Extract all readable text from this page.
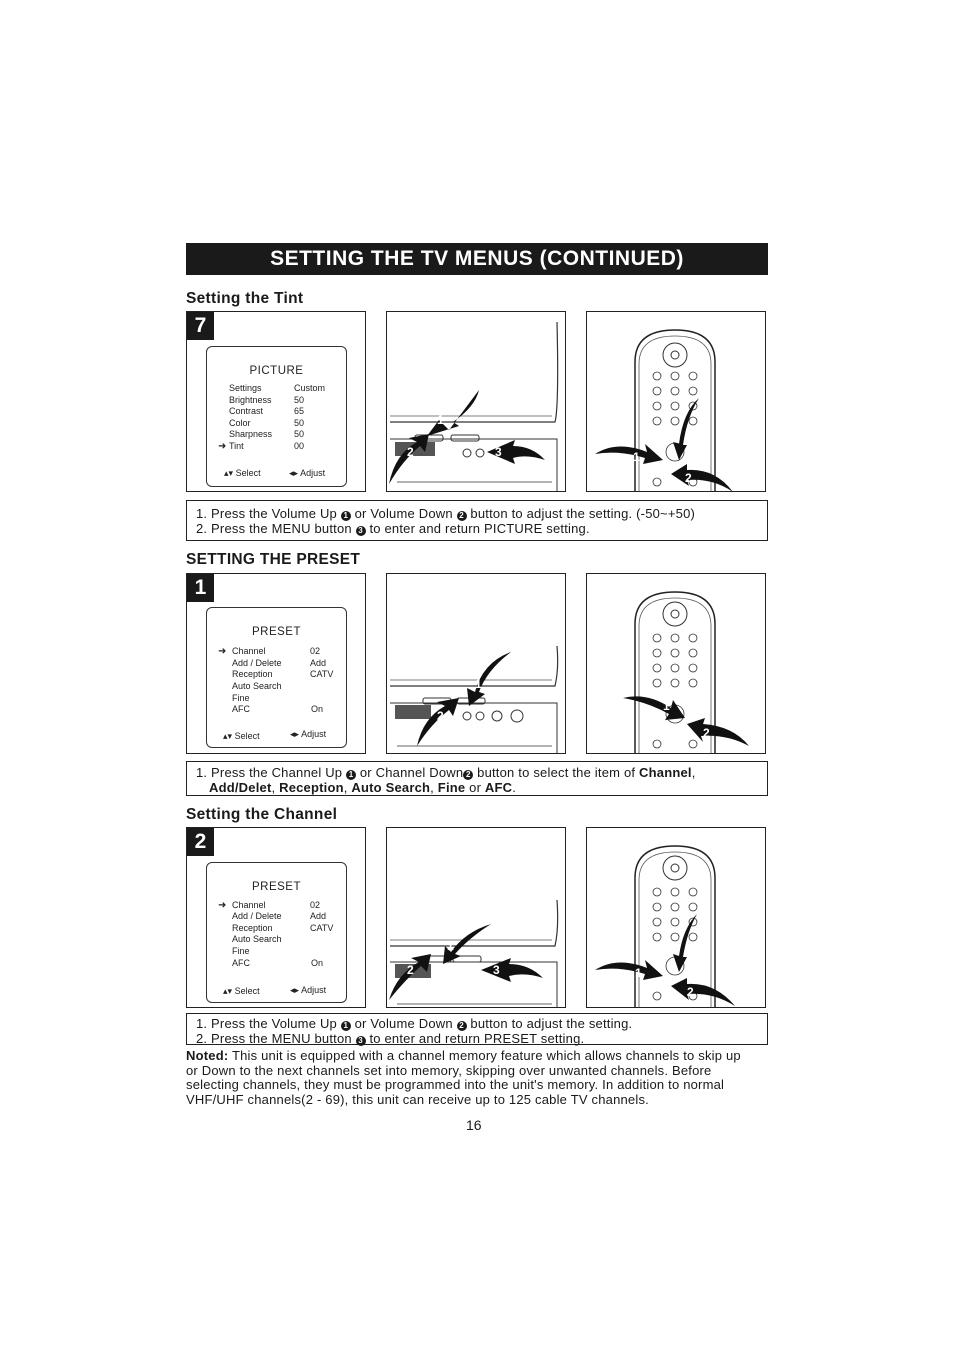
SETTING THE TV MENUS (CONTINUED)
Setting the Tint
7
PICTURE
Settings	Custom
Brightness 50
Contrast	65
Color	50
Sharpness 50
➜ Tint	00
▴▾ Select	◂▸ Adjust
1
2	3	1
2
3
1. Press the Volume Up 1 or Volume Down 2 button to adjust the setting. (-50~+50)
2. Press the MENU button 3 to enter and return PICTURE setting.
SETTING THE PRESET
1
PRESET
➜ Channel	02
Add / Delete	Add
Reception	CATV
Auto Search
Fine
AFC	On
▴▾ Select	◂▸ Adjust
1
2
1
2
1. Press the Channel Up 1 or Channel Down 2 button to select the item of Channel,
Add/Delet, Reception, Auto Search, Fine or AFC.
Setting the Channel
2
PRESET
➜ Channel	02
Add / Delete	Add
Reception	CATV
Auto Search
Fine
AFC	On
▴▾ Select	◂▸ Adjust
1
2	3	1
2
3
1. Press the Volume Up 1 or Volume Down 2 button to adjust the setting.
2. Press the MENU button 3 to enter and return PRESET setting.
Noted: This unit is equipped with a channel memory feature which allows channels to skip up or Down to the next channels set into memory, skipping over unwanted channels. Before selecting channels, they must be programmed into the unit's memory. In addition to normal VHF/UHF channels(2 - 69), this unit can receive up to 125 cable TV channels.
16
